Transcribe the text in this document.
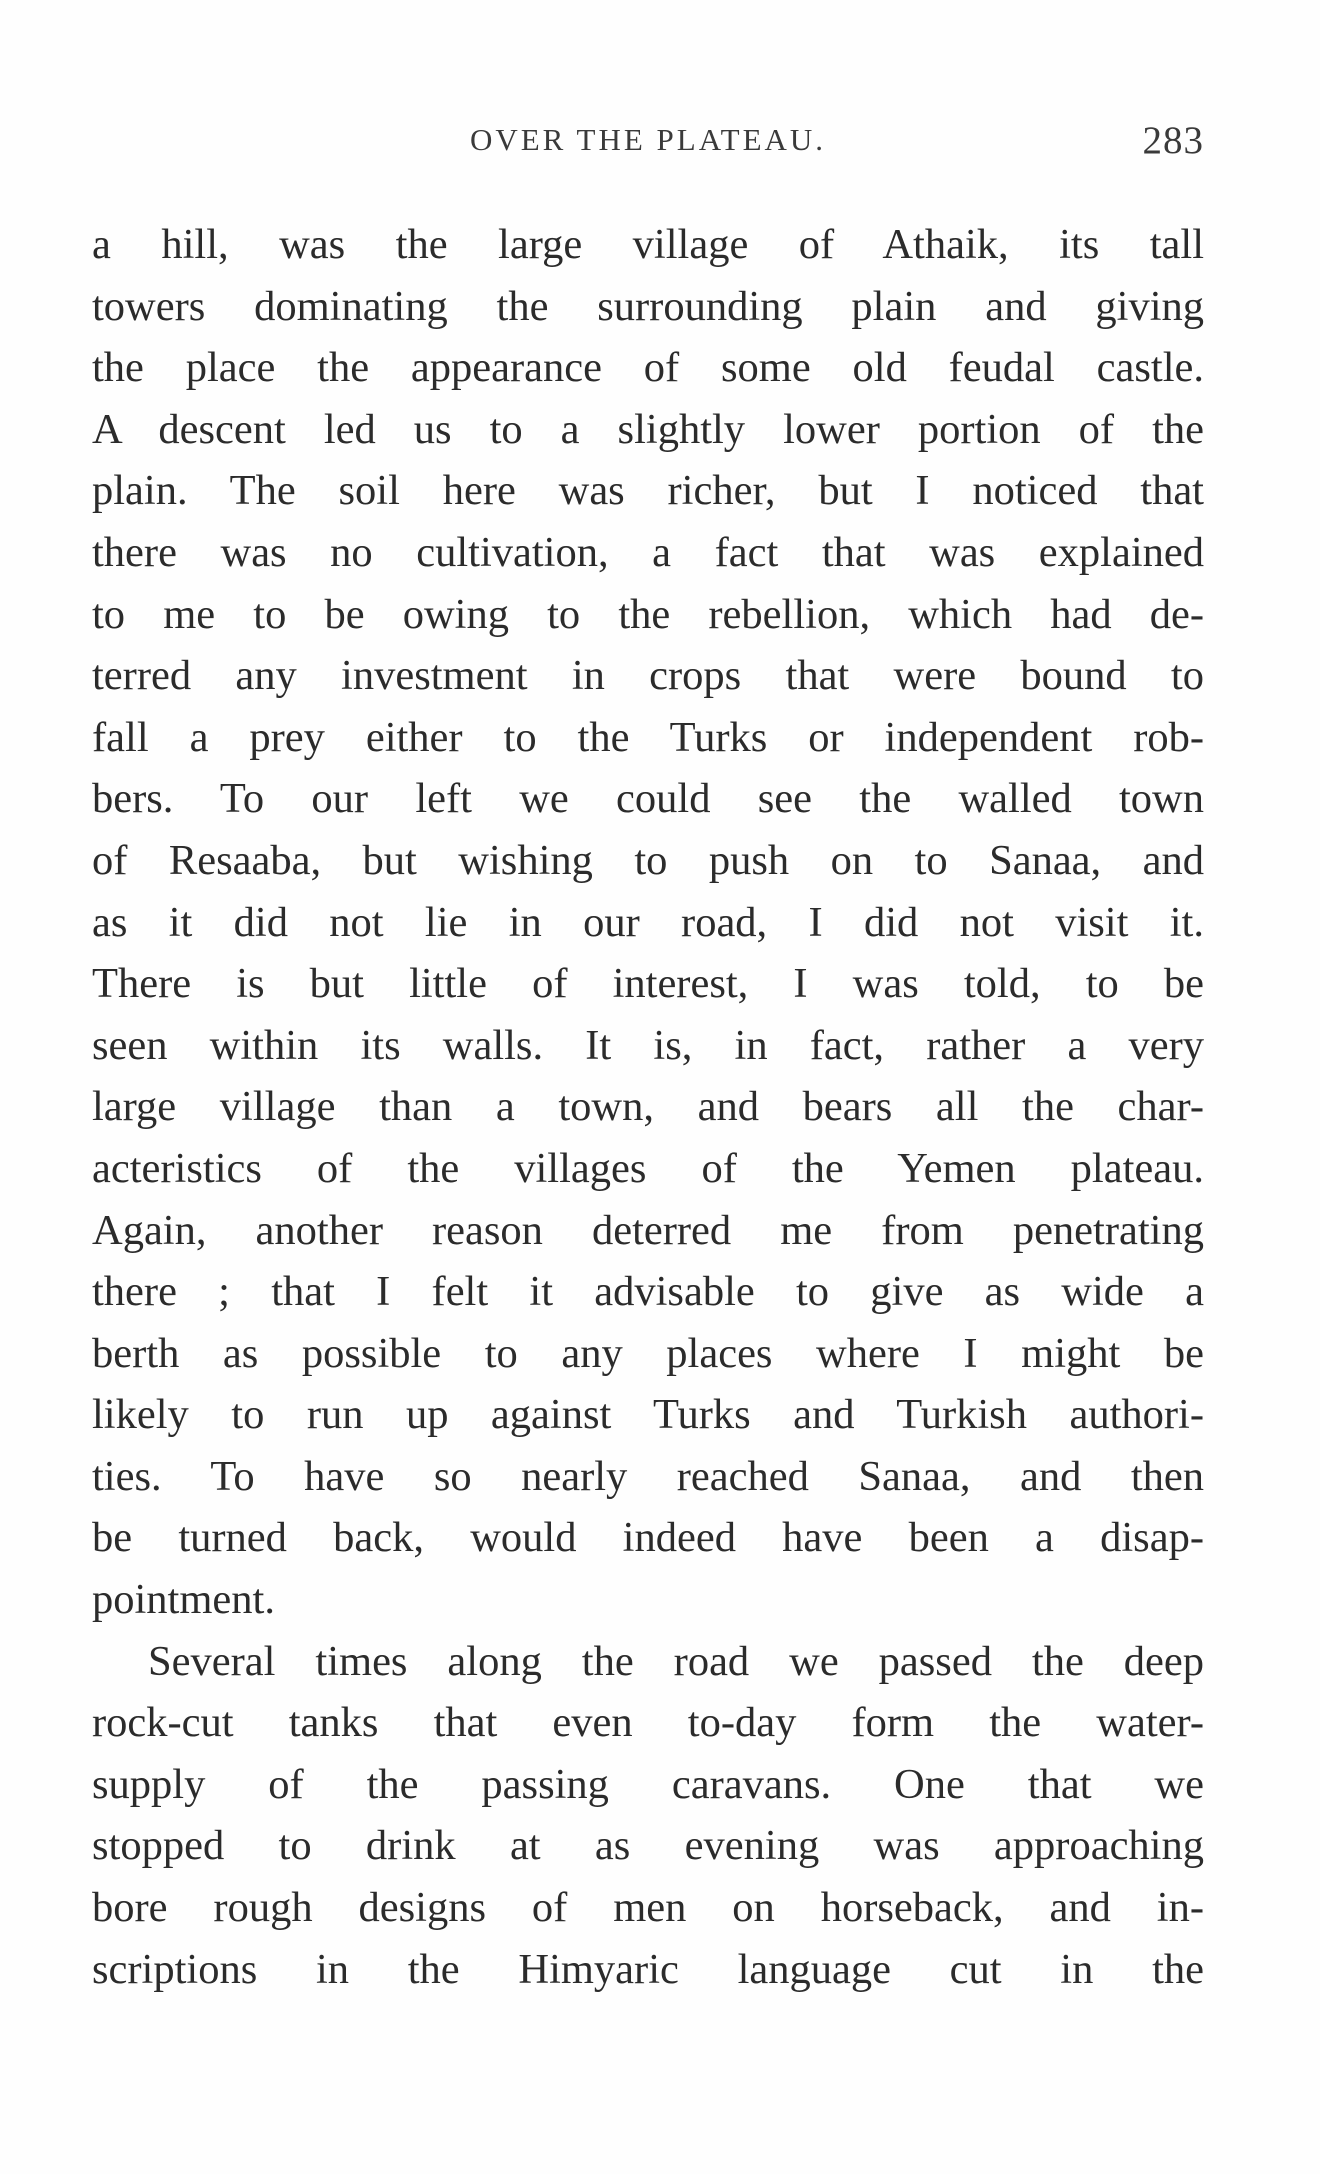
OVER THE PLATEAU.	283
a hill, was the large village of Athaik, its tall
towers dominating the surrounding plain and giving
the place the appearance of some old feudal castle.
A descent led us to a slightly lower portion of the
plain. The soil here was richer, but I noticed that
there was no cultivation, a fact that was explained
to me to be owing to the rebellion, which had de-
terred any investment in crops that were bound to
fall a prey either to the Turks or independent rob-
bers. To our left we could see the walled town
of Resaaba, but wishing to push on to Sanaa, and
as it did not lie in our road, I did not visit it.
There is but little of interest, I was told, to be
seen within its walls. It is, in fact, rather a very
large village than a town, and bears all the char-
acteristics of the villages of the Yemen plateau.
Again, another reason deterred me from penetrating
there ; that I felt it advisable to give as wide a
berth as possible to any places where I might be
likely to run up against Turks and Turkish authori-
ties. To have so nearly reached Sanaa, and then
be turned back, would indeed have been a disap-
pointment.
Several times along the road we passed the deep
rock-cut tanks that even to-day form the water-
supply of the passing caravans. One that we
stopped to drink at as evening was approaching
bore rough designs of men on horseback, and in-
scriptions in the Himyaric language cut in the
